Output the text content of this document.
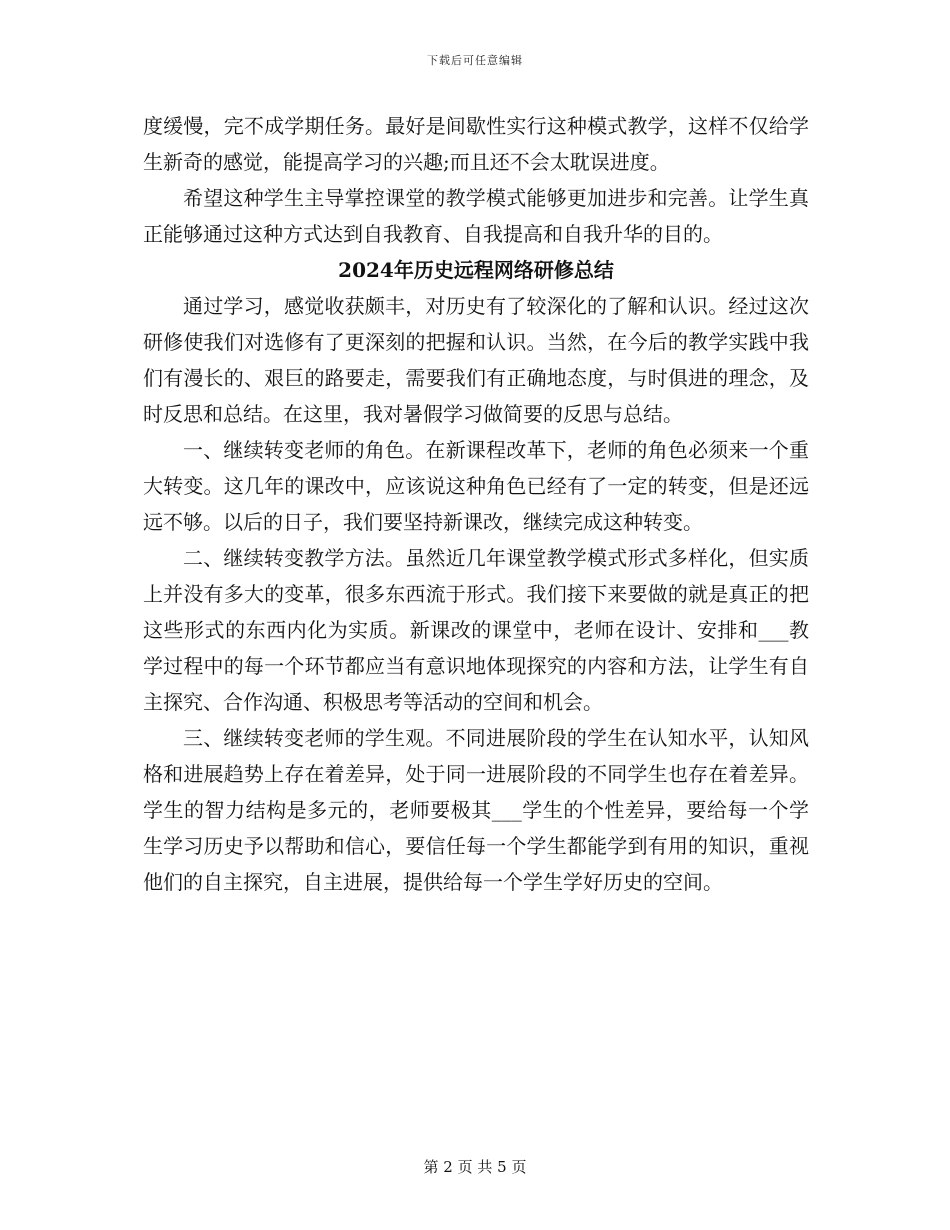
下载后可任意编辑

度缓慢，完不成学期任务。最好是间歇性实行这种模式教学，这样不仅给学生新奇的感觉，能提高学习的兴趣;而且还不会太耽误进度。

希望这种学生主导掌控课堂的教学模式能够更加进步和完善。让学生真正能够通过这种方式达到自我教育、自我提高和自我升华的目的。

2024年历史远程网络研修总结

通过学习，感觉收获颇丰，对历史有了较深化的了解和认识。经过这次研修使我们对选修有了更深刻的把握和认识。当然，在今后的教学实践中我们有漫长的、艰巨的路要走，需要我们有正确地态度，与时俱进的理念，及时反思和总结。在这里，我对暑假学习做简要的反思与总结。

一、继续转变老师的角色。在新课程改革下，老师的角色必须来一个重大转变。这几年的课改中，应该说这种角色已经有了一定的转变，但是还远远不够。以后的日子，我们要坚持新课改，继续完成这种转变。

二、继续转变教学方法。虽然近几年课堂教学模式形式多样化，但实质上并没有多大的变革，很多东西流于形式。我们接下来要做的就是真正的把这些形式的东西内化为实质。新课改的课堂中，老师在设计、安排和___教学过程中的每一个环节都应当有意识地体现探究的内容和方法，让学生有自主探究、合作沟通、积极思考等活动的空间和机会。

三、继续转变老师的学生观。不同进展阶段的学生在认知水平，认知风格和进展趋势上存在着差异，处于同一进展阶段的不同学生也存在着差异。学生的智力结构是多元的，老师要极其___学生的个性差异，要给每一个学生学习历史予以帮助和信心，要信任每一个学生都能学到有用的知识，重视他们的自主探究，自主进展，提供给每一个学生学好历史的空间。

第 2 页 共 5 页
